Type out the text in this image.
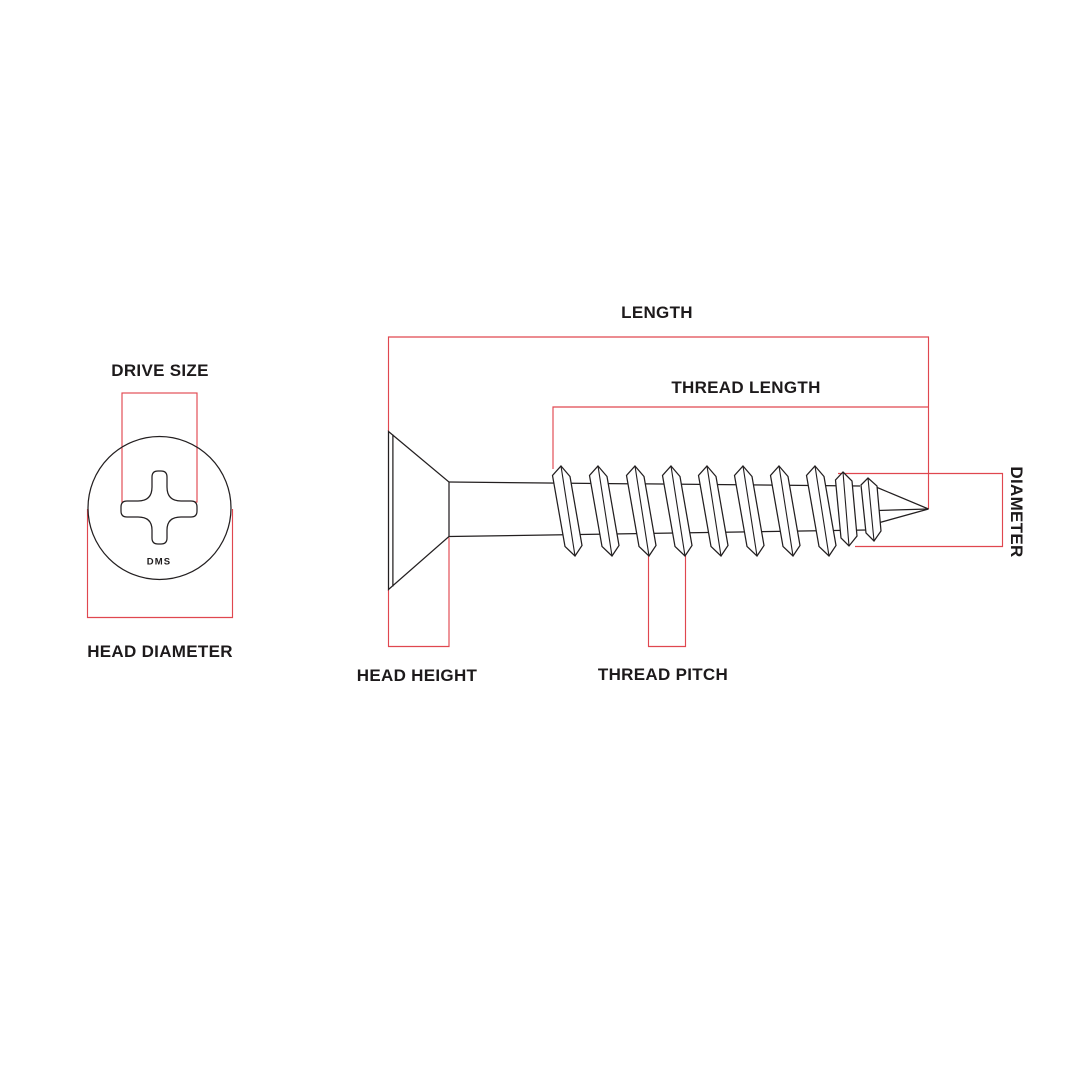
DRIVE SIZE
HEAD DIAMETER
DMS
LENGTH
THREAD LENGTH
DIAMETER
HEAD HEIGHT	THREAD PITCH
